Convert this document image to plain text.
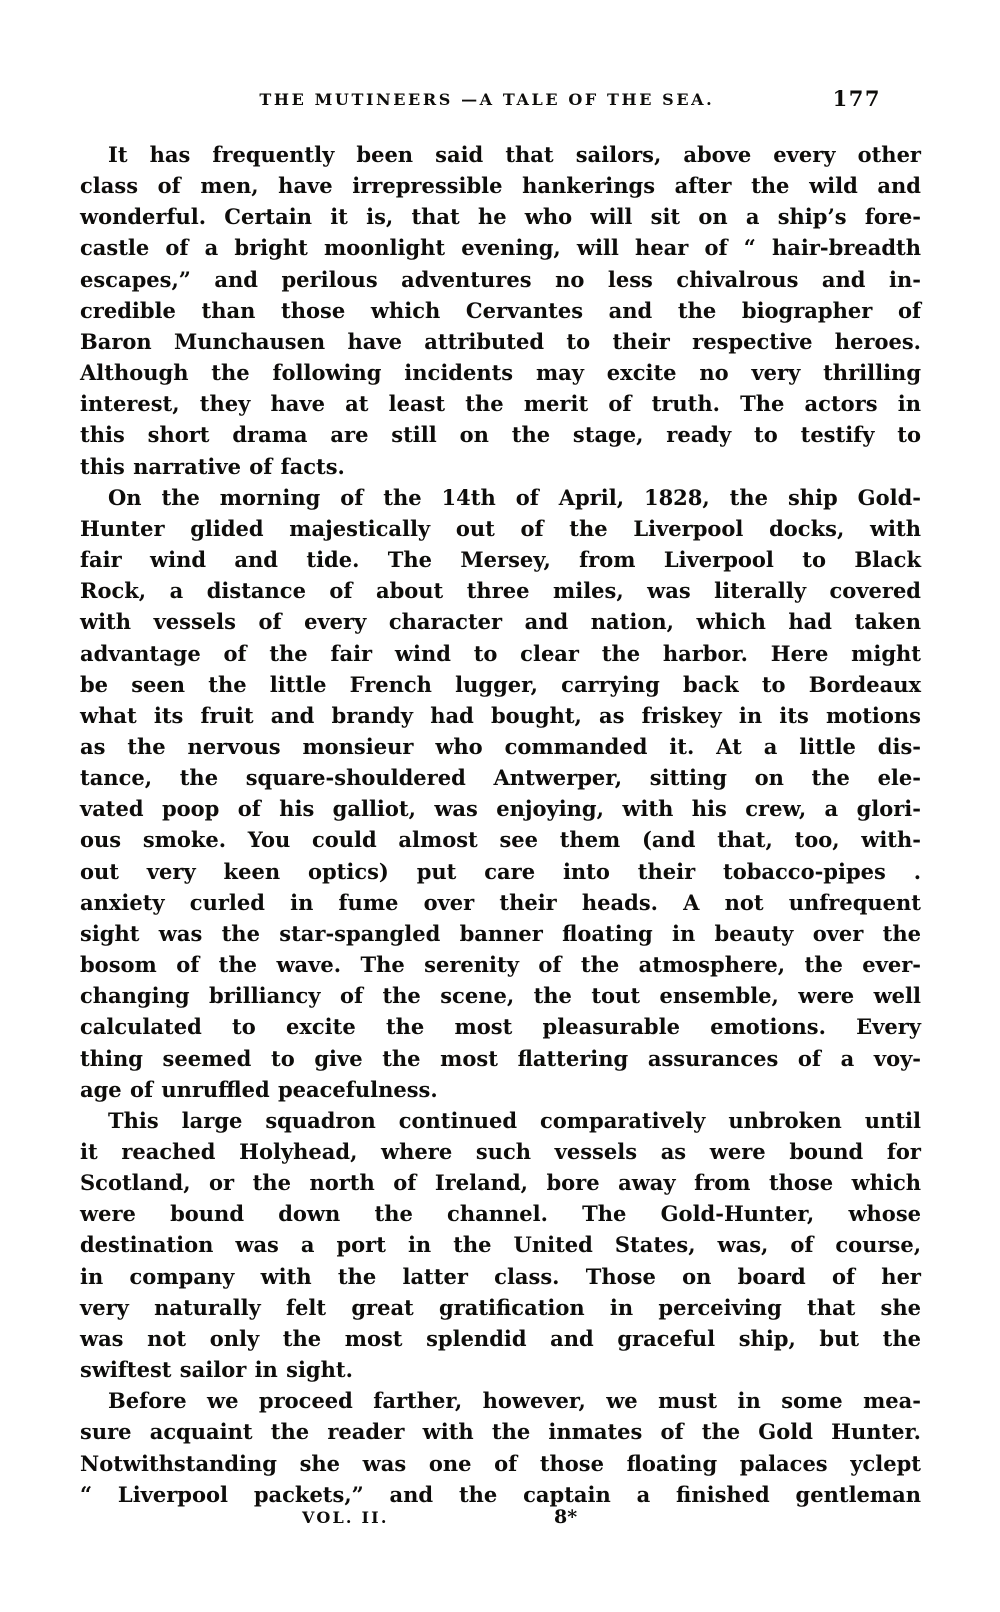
THE MUTINEERS —A TALE OF THE SEA.	177
It has frequently been said that sailors, above every other
class of men, have irrepressible hankerings after the wild and
wonderful. Certain it is, that he who will sit on a ship’s fore-
castle of a bright moonlight evening, will hear of “ hair-breadth
escapes,” and perilous adventures no less chivalrous and in-
credible than those which Cervantes and the biographer of
Baron Munchausen have attributed to their respective heroes.
Although the following incidents may excite no very thrilling
interest, they have at least the merit of truth. The actors in
this short drama are still on the stage, ready to testify to
this narrative of facts.
On the morning of the 14th of April, 1828, the ship Gold-
Hunter glided majestically out of the Liverpool docks, with
fair wind and tide. The Mersey, from Liverpool to Black
Rock, a distance of about three miles, was literally covered
with vessels of every character and nation, which had taken
advantage of the fair wind to clear the harbor. Here might
be seen the little French lugger, carrying back to Bordeaux
what its fruit and brandy had bought, as friskey in its motions
as the nervous monsieur who commanded it. At a little dis-
tance, the square-shouldered Antwerper, sitting on the ele-
vated poop of his galliot, was enjoying, with his crew, a glori-
ous smoke. You could almost see them (and that, too, with-
out very keen optics) put care into their tobacco-pipes .
anxiety curled in fume over their heads. A not unfrequent
sight was the star-spangled banner floating in beauty over the
bosom of the wave. The serenity of the atmosphere, the ever-
changing brilliancy of the scene, the tout ensemble, were well
calculated to excite the most pleasurable emotions. Every
thing seemed to give the most flattering assurances of a voy-
age of unruffled peacefulness.
This large squadron continued comparatively unbroken until
it reached Holyhead, where such vessels as were bound for
Scotland, or the north of Ireland, bore away from those which
were bound down the channel. The Gold-Hunter, whose
destination was a port in the United States, was, of course,
in company with the latter class. Those on board of her
very naturally felt great gratification in perceiving that she
was not only the most splendid and graceful ship, but the
swiftest sailor in sight.
Before we proceed farther, however, we must in some mea-
sure acquaint the reader with the inmates of the Gold Hunter.
Notwithstanding she was one of those floating palaces yclept
“ Liverpool packets,” and the captain a finished gentleman
VOL. II.	8*
